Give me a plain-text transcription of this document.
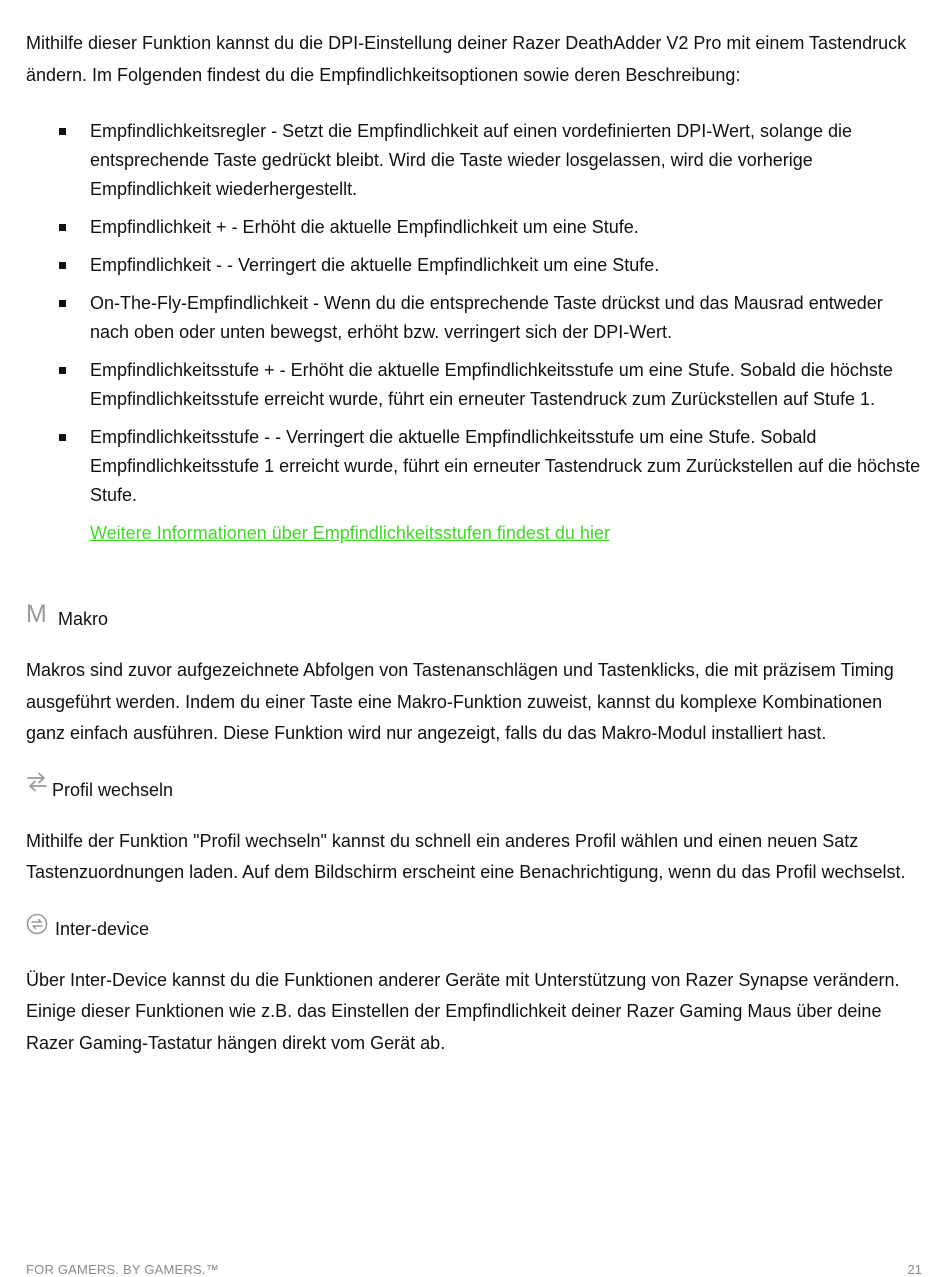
Mithilfe dieser Funktion kannst du die DPI-Einstellung deiner Razer DeathAdder V2 Pro mit einem Tastendruck ändern. Im Folgenden findest du die Empfindlichkeitsoptionen sowie deren Beschreibung:

Empfindlichkeitsregler - Setzt die Empfindlichkeit auf einen vordefinierten DPI-Wert, solange die entsprechende Taste gedrückt bleibt. Wird die Taste wieder losgelassen, wird die vorherige Empfindlichkeit wiederhergestellt.
Empfindlichkeit + - Erhöht die aktuelle Empfindlichkeit um eine Stufe.
Empfindlichkeit - - Verringert die aktuelle Empfindlichkeit um eine Stufe.
On-The-Fly-Empfindlichkeit - Wenn du die entsprechende Taste drückst und das Mausrad entweder nach oben oder unten bewegst, erhöht bzw. verringert sich der DPI-Wert.
Empfindlichkeitsstufe + - Erhöht die aktuelle Empfindlichkeitsstufe um eine Stufe. Sobald die höchste Empfindlichkeitsstufe erreicht wurde, führt ein erneuter Tastendruck zum Zurückstellen auf Stufe 1.
Empfindlichkeitsstufe - - Verringert die aktuelle Empfindlichkeitsstufe um eine Stufe. Sobald Empfindlichkeitsstufe 1 erreicht wurde, führt ein erneuter Tastendruck zum Zurückstellen auf die höchste Stufe.
Weitere Informationen über Empfindlichkeitsstufen findest du hier
M Makro

Makros sind zuvor aufgezeichnete Abfolgen von Tastenanschlägen und Tastenklicks, die mit präzisem Timing ausgeführt werden. Indem du einer Taste eine Makro-Funktion zuweist, kannst du komplexe Kombinationen ganz einfach ausführen. Diese Funktion wird nur angezeigt, falls du das Makro-Modul installiert hast.

Profil wechseln

Mithilfe der Funktion "Profil wechseln" kannst du schnell ein anderes Profil wählen und einen neuen Satz Tastenzuordnungen laden. Auf dem Bildschirm erscheint eine Benachrichtigung, wenn du das Profil wechselst.

Inter-device

Über Inter-Device kannst du die Funktionen anderer Geräte mit Unterstützung von Razer Synapse verändern. Einige dieser Funktionen wie z.B. das Einstellen der Empfindlichkeit deiner Razer Gaming Maus über deine Razer Gaming-Tastatur hängen direkt vom Gerät ab.

FOR GAMERS. BY GAMERS.™	21
